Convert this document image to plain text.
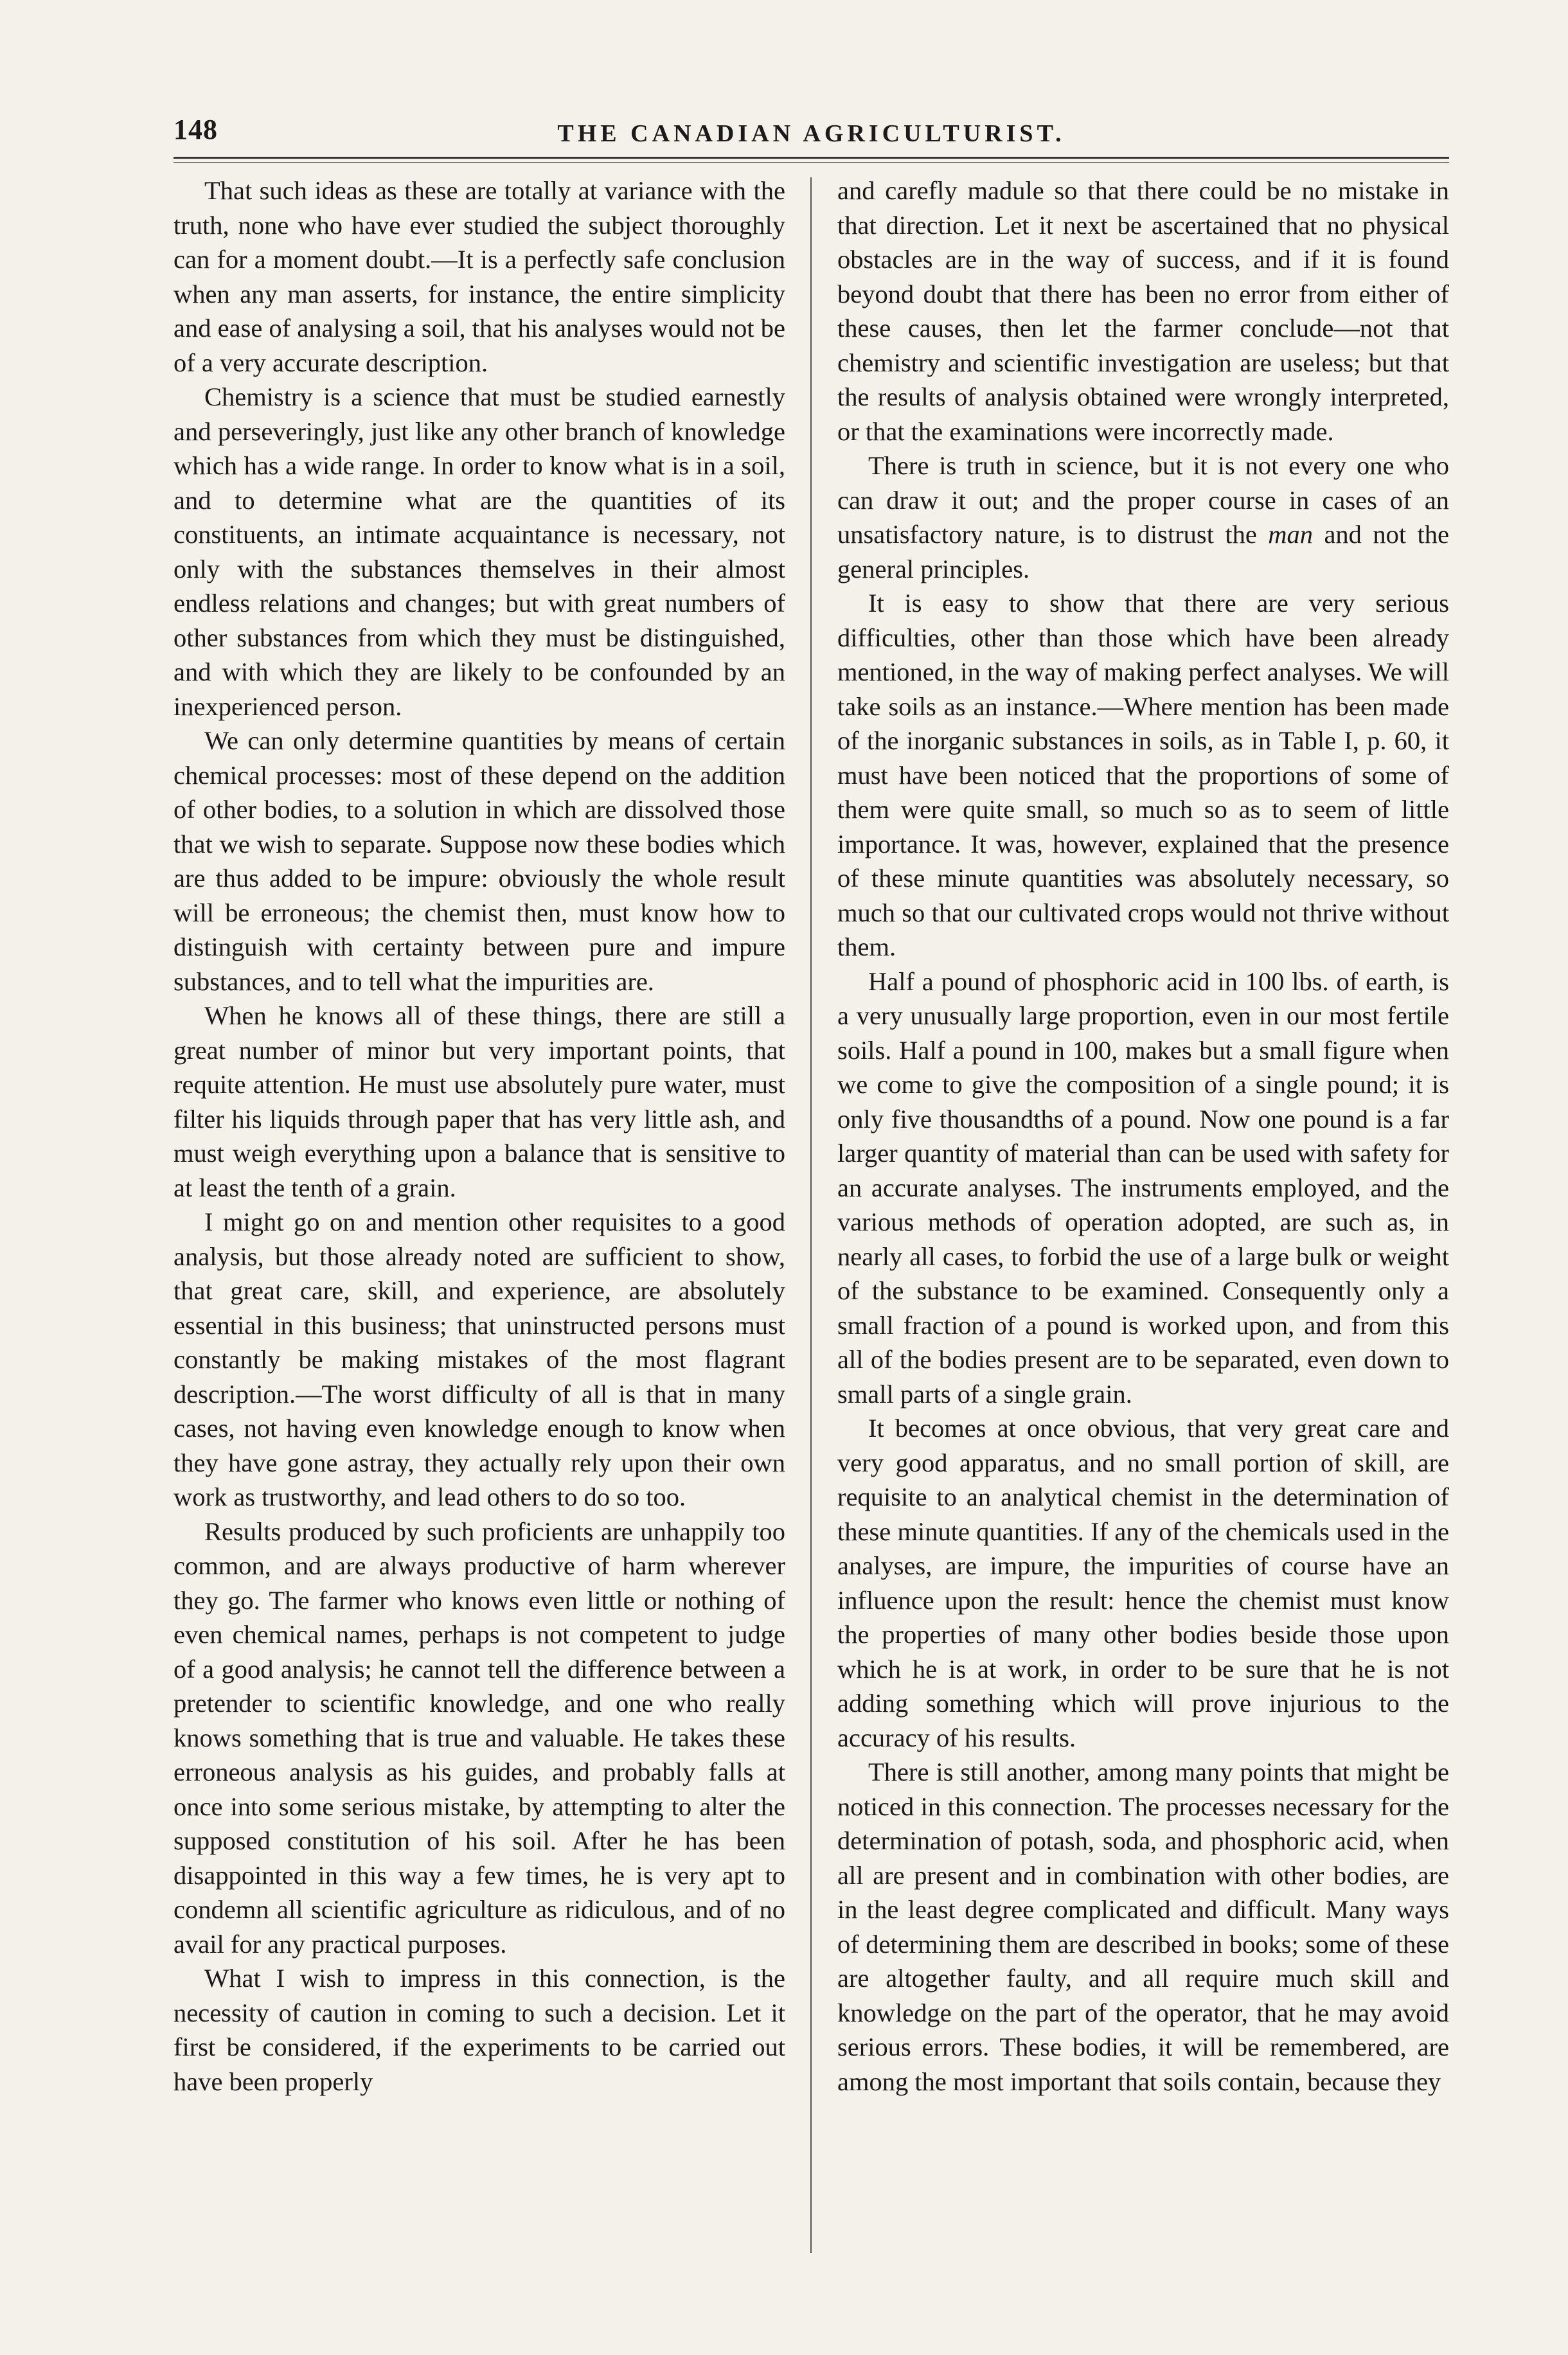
148	THE CANADIAN AGRICULTURIST.

That such ideas as these are totally at variance with the truth, none who have ever studied the subject thoroughly can for a moment doubt.—It is a perfectly safe conclusion when any man asserts, for instance, the entire simplicity and ease of analysing a soil, that his analyses would not be of a very accurate description.

Chemistry is a science that must be studied earnestly and perseveringly, just like any other branch of knowledge which has a wide range. In order to know what is in a soil, and to determine what are the quantities of its constituents, an intimate acquaintance is necessary, not only with the substances themselves in their almost endless relations and changes; but with great numbers of other substances from which they must be distinguished, and with which they are likely to be confounded by an inexperienced person.

We can only determine quantities by means of certain chemical processes: most of these depend on the addition of other bodies, to a solution in which are dissolved those that we wish to separate. Suppose now these bodies which are thus added to be impure: obviously the whole result will be erroneous; the chemist then, must know how to distinguish with certainty between pure and impure substances, and to tell what the impurities are.

When he knows all of these things, there are still a great number of minor but very important points, that requite attention. He must use absolutely pure water, must filter his liquids through paper that has very little ash, and must weigh everything upon a balance that is sensitive to at least the tenth of a grain.

I might go on and mention other requisites to a good analysis, but those already noted are sufficient to show, that great care, skill, and experience, are absolutely essential in this business; that uninstructed persons must constantly be making mistakes of the most flagrant description.—The worst difficulty of all is that in many cases, not having even knowledge enough to know when they have gone astray, they actually rely upon their own work as trustworthy, and lead others to do so too.

Results produced by such proficients are unhappily too common, and are always productive of harm wherever they go. The farmer who knows even little or nothing of even chemical names, perhaps is not competent to judge of a good analysis; he cannot tell the difference between a pretender to scientific knowledge, and one who really knows something that is true and valuable. He takes these erroneous analysis as his guides, and probably falls at once into some serious mistake, by attempting to alter the supposed constitution of his soil. After he has been disappointed in this way a few times, he is very apt to condemn all scientific agriculture as ridiculous, and of no avail for any practical purposes.

What I wish to impress in this connection, is the necessity of caution in coming to such a decision. Let it first be considered, if the experiments to be carried out have been properly

and carefly madule so that there could be no mistake in that direction. Let it next be ascertained that no physical obstacles are in the way of success, and if it is found beyond doubt that there has been no error from either of these causes, then let the farmer conclude—not that chemistry and scientific investigation are useless; but that the results of analysis obtained were wrongly interpreted, or that the examinations were incorrectly made.

There is truth in science, but it is not every one who can draw it out; and the proper course in cases of an unsatisfactory nature, is to distrust the man and not the general principles.

It is easy to show that there are very serious difficulties, other than those which have been already mentioned, in the way of making perfect analyses. We will take soils as an instance.—Where mention has been made of the inorganic substances in soils, as in Table I, p. 60, it must have been noticed that the proportions of some of them were quite small, so much so as to seem of little importance. It was, however, explained that the presence of these minute quantities was absolutely necessary, so much so that our cultivated crops would not thrive without them.

Half a pound of phosphoric acid in 100 lbs. of earth, is a very unusually large proportion, even in our most fertile soils. Half a pound in 100, makes but a small figure when we come to give the composition of a single pound; it is only five thousandths of a pound. Now one pound is a far larger quantity of material than can be used with safety for an accurate analyses. The instruments employed, and the various methods of operation adopted, are such as, in nearly all cases, to forbid the use of a large bulk or weight of the substance to be examined. Consequently only a small fraction of a pound is worked upon, and from this all of the bodies present are to be separated, even down to small parts of a single grain.

It becomes at once obvious, that very great care and very good apparatus, and no small portion of skill, are requisite to an analytical chemist in the determination of these minute quantities. If any of the chemicals used in the analyses, are impure, the impurities of course have an influence upon the result: hence the chemist must know the properties of many other bodies beside those upon which he is at work, in order to be sure that he is not adding something which will prove injurious to the accuracy of his results.

There is still another, among many points that might be noticed in this connection. The processes necessary for the determination of potash, soda, and phosphoric acid, when all are present and in combination with other bodies, are in the least degree complicated and difficult. Many ways of determining them are described in books; some of these are altogether faulty, and all require much skill and knowledge on the part of the operator, that he may avoid serious errors. These bodies, it will be remembered, are among the most important that soils contain, because they
